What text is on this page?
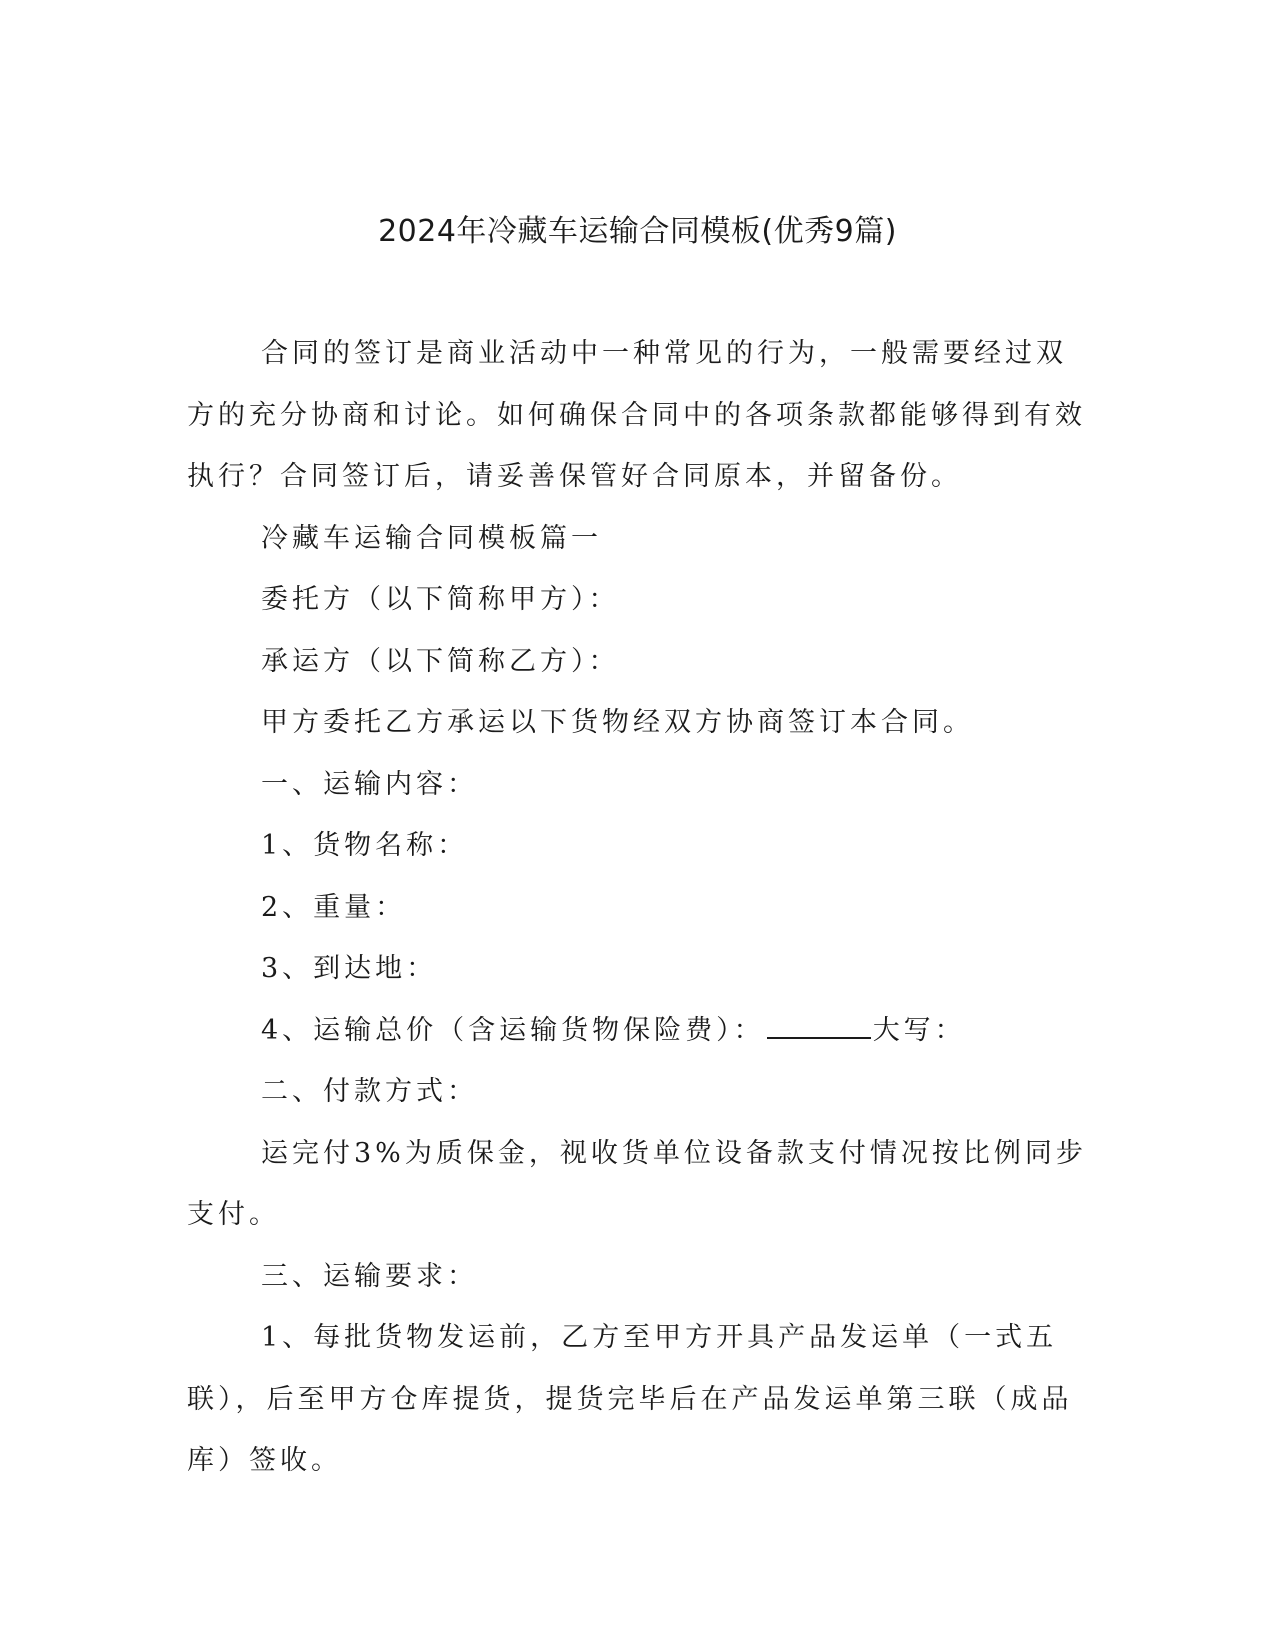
2024年冷藏车运输合同模板(优秀9篇)

合同的签订是商业活动中一种常见的行为，一般需要经过双方的充分协商和讨论。如何确保合同中的各项条款都能够得到有效执行？合同签订后，请妥善保管好合同原本，并留备份。

冷藏车运输合同模板篇一

委托方（以下简称甲方）：

承运方（以下简称乙方）：

甲方委托乙方承运以下货物经双方协商签订本合同。

一、运输内容：

1、货物名称：

2、重量：

3、到达地：

4、运输总价（含运输货物保险费）：	大写：

二、付款方式：

运完付3%为质保金，视收货单位设备款支付情况按比例同步支付。

三、运输要求：

1、每批货物发运前，乙方至甲方开具产品发运单（一式五联），后至甲方仓库提货，提货完毕后在产品发运单第三联（成品库）签收。
